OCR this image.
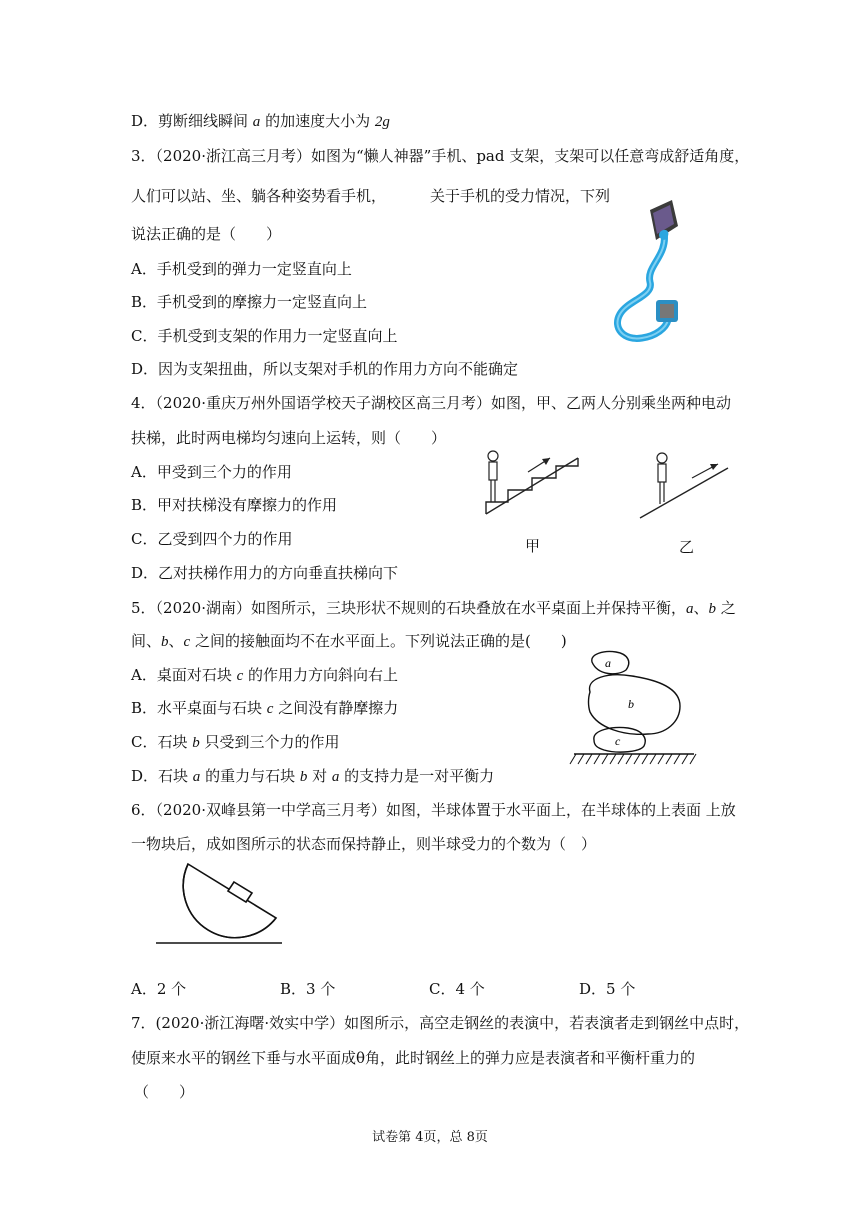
D．剪断细线瞬间 a 的加速度大小为 2g
3．（2020·浙江高三月考）如图为“懒人神器”手机、pad 支架，支架可以任意弯成舒适角度，
人们可以站、坐、躺各种姿势看手机，	关于手机的受力情况，下列
说法正确的是（　　）
A．手机受到的弹力一定竖直向上
B．手机受到的摩擦力一定竖直向上
C．手机受到支架的作用力一定竖直向上
D．因为支架扭曲，所以支架对手机的作用力方向不能确定
4．（2020·重庆万州外国语学校天子湖校区高三月考）如图，甲、乙两人分别乘坐两种电动
扶梯，此时两电梯均匀速向上运转，则（　　）
A．甲受到三个力的作用
B．甲对扶梯没有摩擦力的作用
C．乙受到四个力的作用
D．乙对扶梯作用力的方向垂直扶梯向下
甲	乙
5．（2020·湖南）如图所示，三块形状不规则的石块叠放在水平桌面上并保持平衡，a、b 之
间、b、c 之间的接触面均不在水平面上。下列说法正确的是(　　)
A．桌面对石块 c 的作用力方向斜向右上
B．水平桌面与石块 c 之间没有静摩擦力
C．石块 b 只受到三个力的作用
D．石块 a 的重力与石块 b 对 a 的支持力是一对平衡力
a
b
c
6．（2020·双峰县第一中学高三月考）如图，半球体置于水平面上，在半球体的上表面 上放
一物块后，成如图所示的状态而保持静止，则半球受力的个数为（　）
A．2 个	B．3 个	C．4 个	D．5 个
7．(2020·浙江海曙·效实中学）如图所示，高空走钢丝的表演中，若表演者走到钢丝中点时，
使原来水平的钢丝下垂与水平面成θ角，此时钢丝上的弹力应是表演者和平衡杆重力的
（　　）
试卷第 4页，总 8页
